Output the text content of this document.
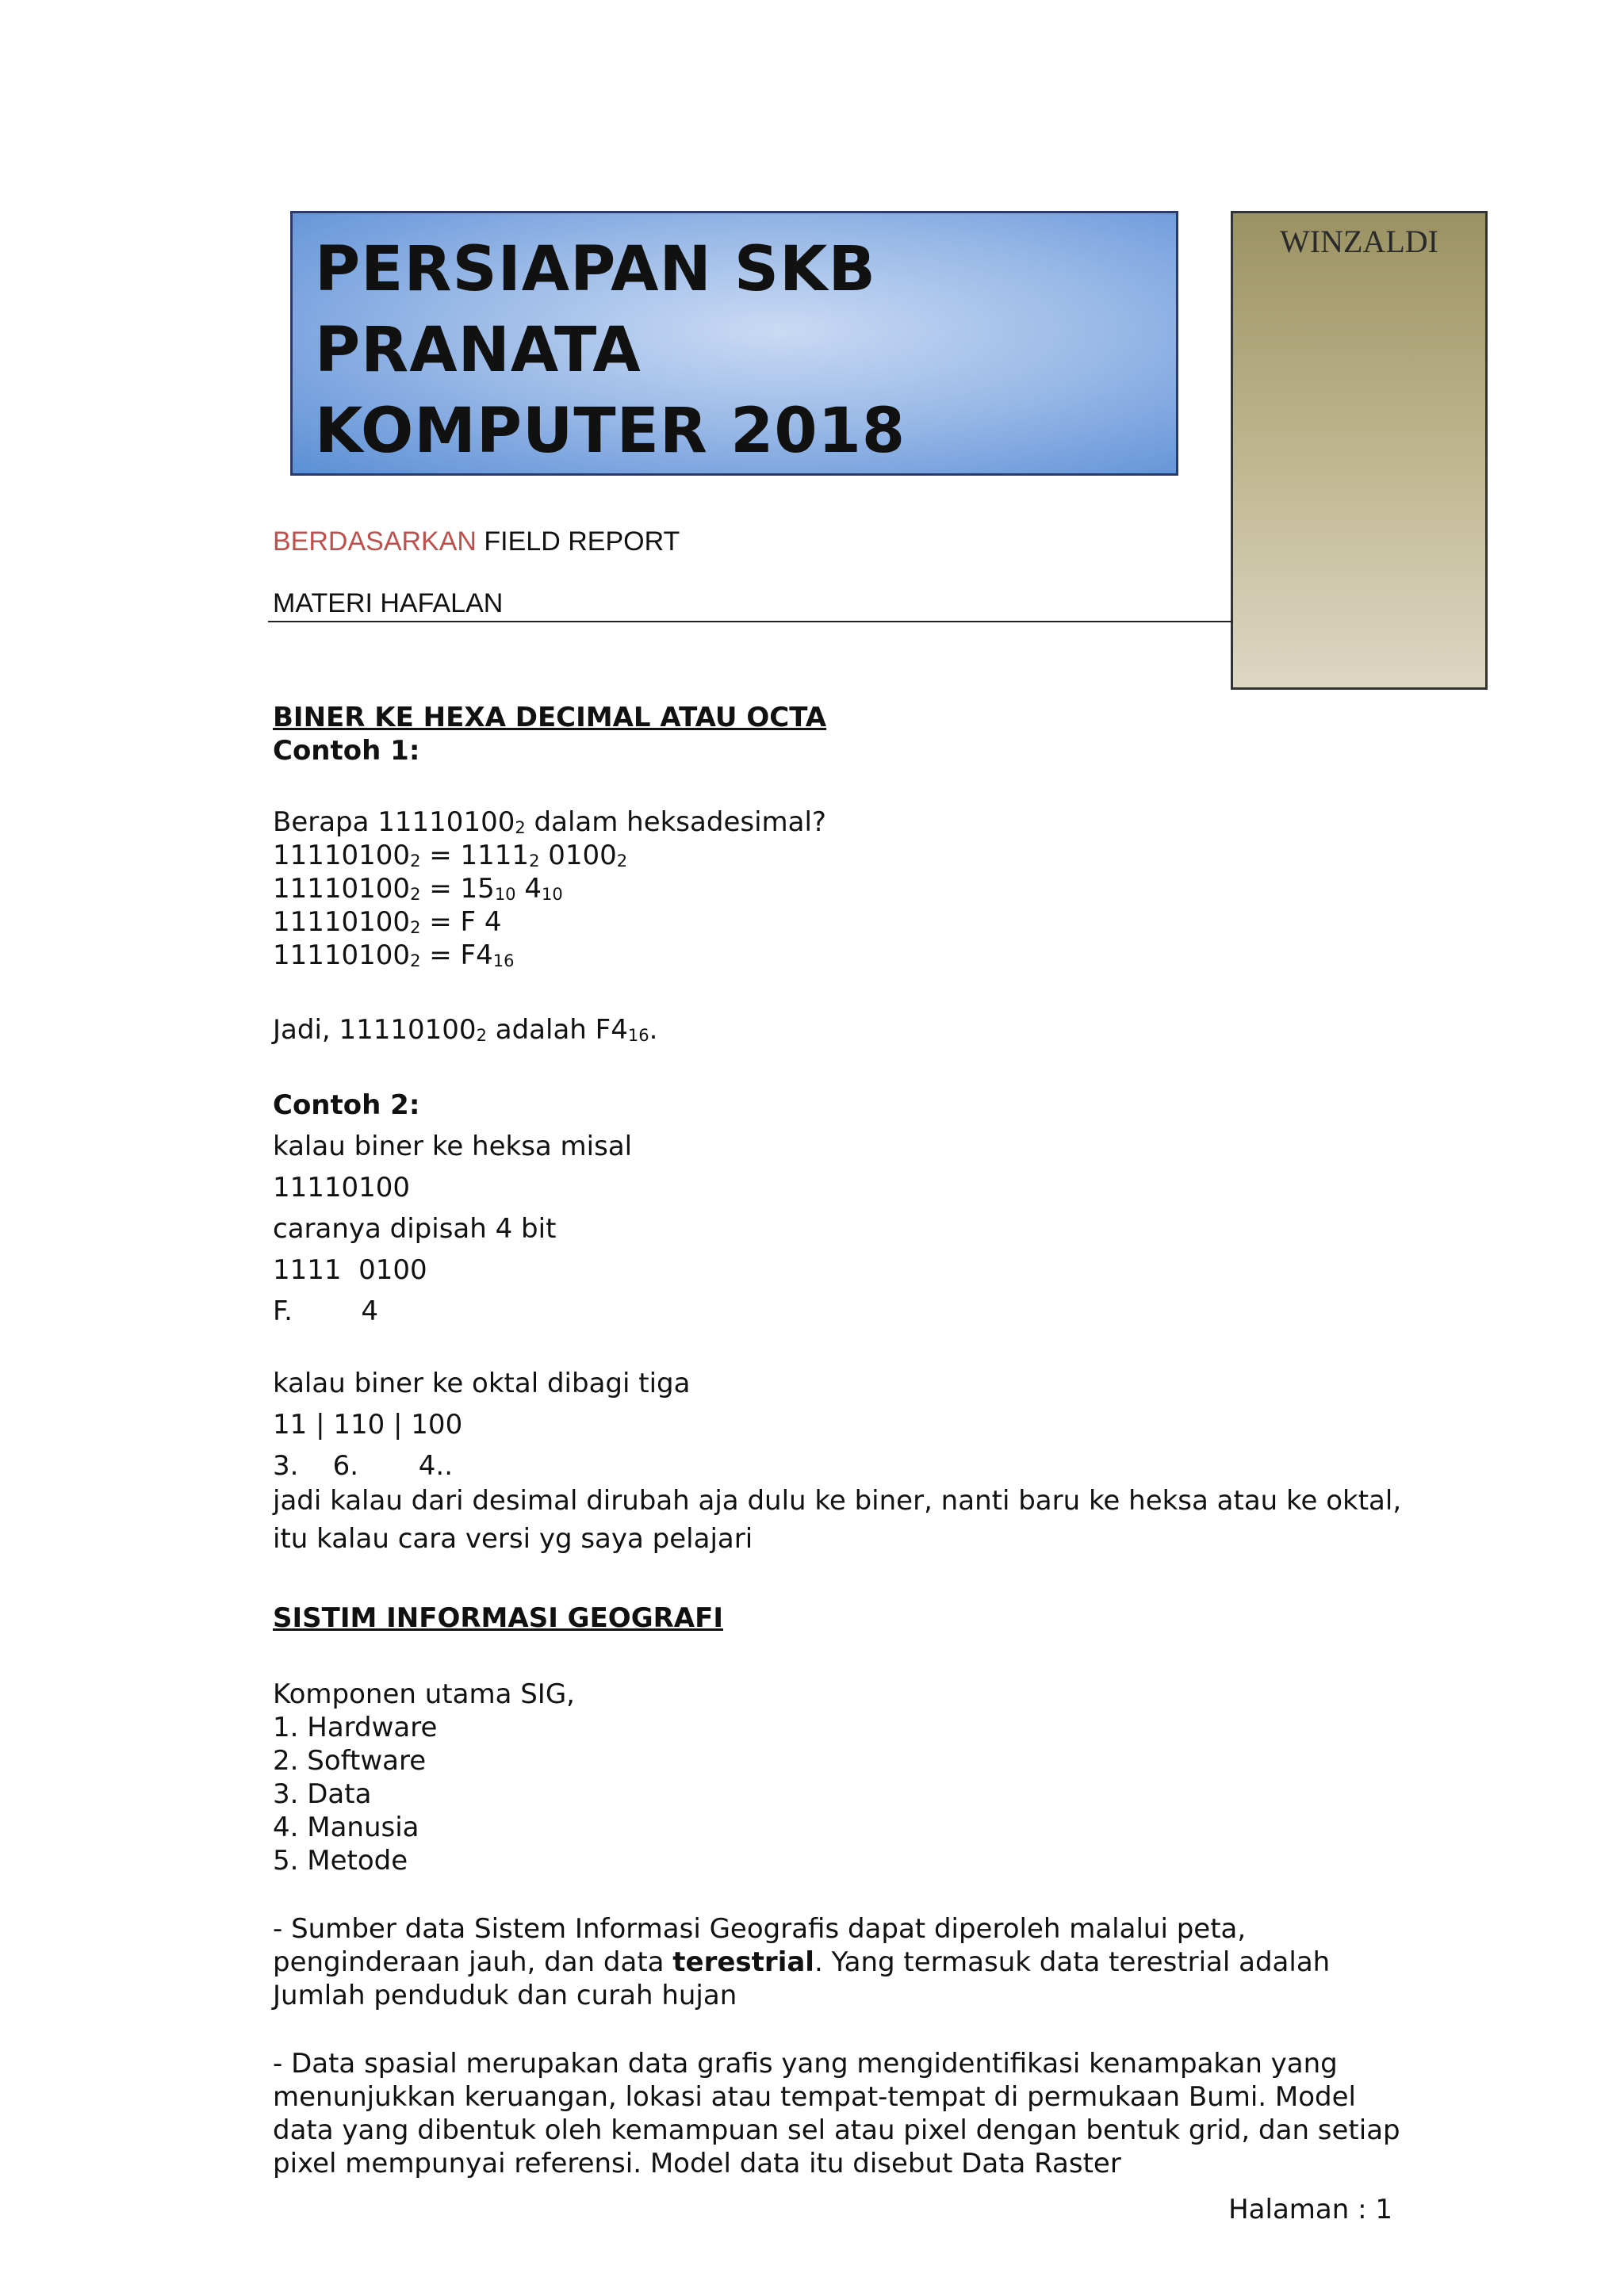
PERSIAPAN SKB PRANATA
KOMPUTER 2018
WINZALDI
BERDASARKAN FIELD REPORT
MATERI HAFALAN
BINER KE HEXA DECIMAL ATAU OCTA
Contoh 1:
Berapa $11110100_2$ dalam heksadesimal?
$11110100_2 = 1111_2$ $0100_2$
$11110100_2 = 15_{10}$ $4_{10}$
$11110100_2 = F$ 4
$11110100_2 = F4_{16}$
Jadi, $11110100_2$ adalah $F4_{16}$.
Contoh 2:
kalau biner ke heksa misal
11110100
caranya dipisah 4 bit
1111  0100
F.        4
kalau biner ke oktal dibagi tiga
11 | 110 | 100
3.    6.       4..
jadi kalau dari desimal dirubah aja dulu ke biner, nanti baru ke heksa atau ke oktal,
itu kalau cara versi yg saya pelajari
SISTIM INFORMASI GEOGRAFI
Komponen utama SIG,
1. Hardware
2. Software
3. Data
4. Manusia
5. Metode
- Sumber data Sistem Informasi Geografis dapat diperoleh malalui peta,
penginderaan jauh, dan data terestrial. Yang termasuk data terestrial adalah
Jumlah penduduk dan curah hujan
- Data spasial merupakan data grafis yang mengidentifikasi kenampakan yang
menunjukkan keruangan, lokasi atau tempat-tempat di permukaan Bumi. Model
data yang dibentuk oleh kemampuan sel atau pixel dengan bentuk grid, dan setiap
pixel mempunyai referensi. Model data itu disebut Data Raster
Halaman : 1
